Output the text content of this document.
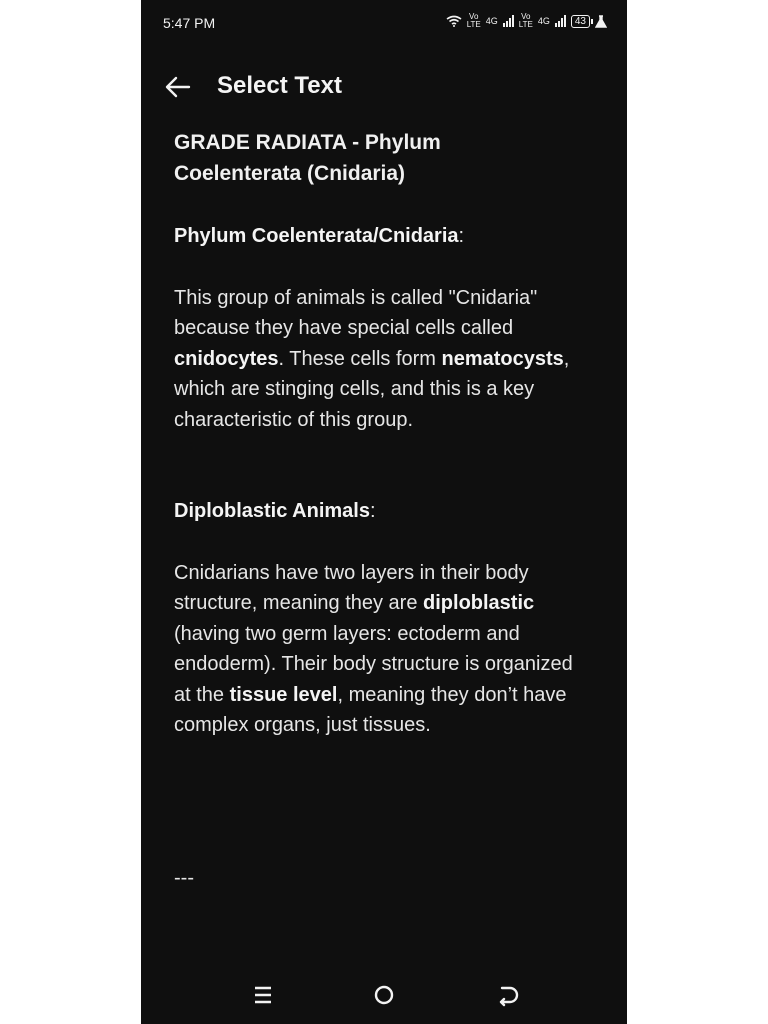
5:47 PM	Vo
LTE 4G	Vo
LTE 4G	43
Select Text

GRADE RADIATA - Phylum
Coelenterata (Cnidaria)

Phylum Coelenterata/Cnidaria:

This group of animals is called "Cnidaria" because they have special cells called cnidocytes. These cells form nematocysts, which are stinging cells, and this is a key characteristic of this group.

Diploblastic Animals:

Cnidarians have two layers in their body structure, meaning they are diploblastic (having two germ layers: ectoderm and endoderm). Their body structure is organized at the tissue level, meaning they don’t have complex organs, just tissues.

---
